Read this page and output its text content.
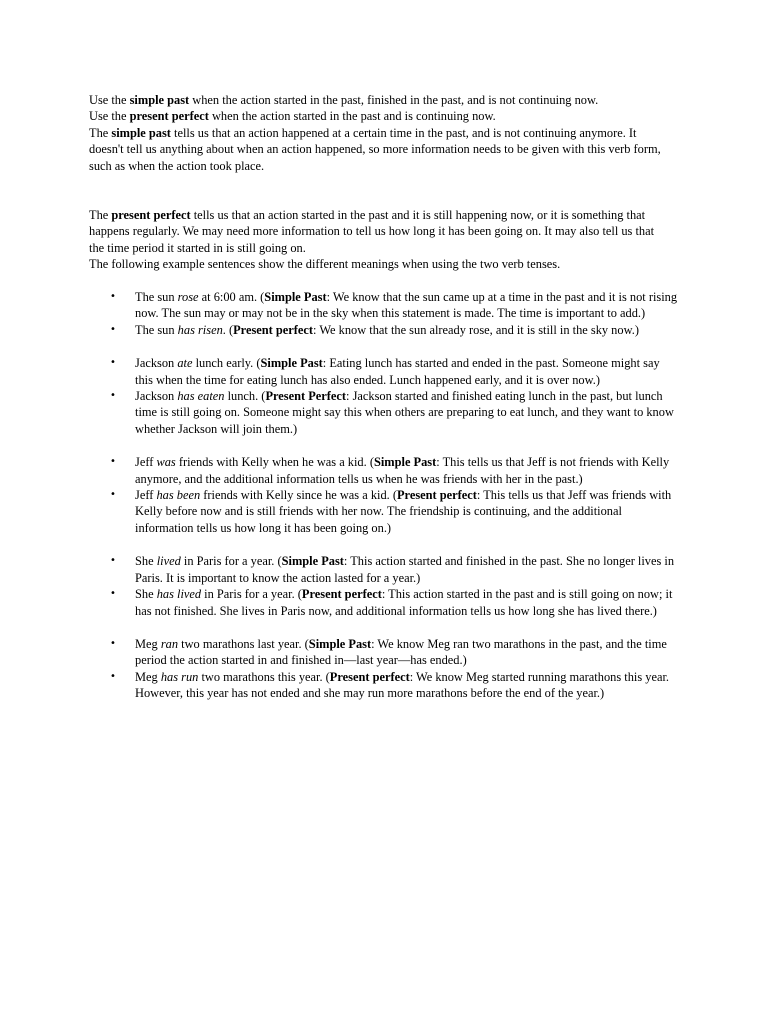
Use the simple past when the action started in the past, finished in the past, and is not continuing now.

Use the present perfect when the action started in the past and is continuing now.

The simple past tells us that an action happened at a certain time in the past, and is not continuing anymore. It doesn't tell us anything about when an action happened, so more information needs to be given with this verb form, such as when the action took place.

The present perfect tells us that an action started in the past and it is still happening now, or it is something that happens regularly. We may need more information to tell us how long it has been going on. It may also tell us that the time period it started in is still going on.

The following example sentences show the different meanings when using the two verb tenses.

•	The sun rose at 6:00 am. (Simple Past: We know that the sun came up at a time in the past and it is not rising now. The sun may or may not be in the sky when this statement is made. The time is important to add.)
•	The sun has risen. (Present perfect: We know that the sun already rose, and it is still in the sky now.)
•	Jackson ate lunch early. (Simple Past: Eating lunch has started and ended in the past. Someone might say this when the time for eating lunch has also ended. Lunch happened early, and it is over now.)
•	Jackson has eaten lunch. (Present Perfect: Jackson started and finished eating lunch in the past, but lunch time is still going on. Someone might say this when others are preparing to eat lunch, and they want to know whether Jackson will join them.)
•	Jeff was friends with Kelly when he was a kid. (Simple Past: This tells us that Jeff is not friends with Kelly anymore, and the additional information tells us when he was friends with her in the past.)
•	Jeff has been friends with Kelly since he was a kid. (Present perfect: This tells us that Jeff was friends with Kelly before now and is still friends with her now. The friendship is continuing, and the additional information tells us how long it has been going on.)
•	She lived in Paris for a year. (Simple Past: This action started and finished in the past. She no longer lives in Paris. It is important to know the action lasted for a year.)
•	She has lived in Paris for a year. (Present perfect: This action started in the past and is still going on now; it has not finished. She lives in Paris now, and additional information tells us how long she has lived there.)
•	Meg ran two marathons last year. (Simple Past: We know Meg ran two marathons in the past, and the time period the action started in and finished in—last year—has ended.)
•	Meg has run two marathons this year. (Present perfect: We know Meg started running marathons this year. However, this year has not ended and she may run more marathons before the end of the year.)
